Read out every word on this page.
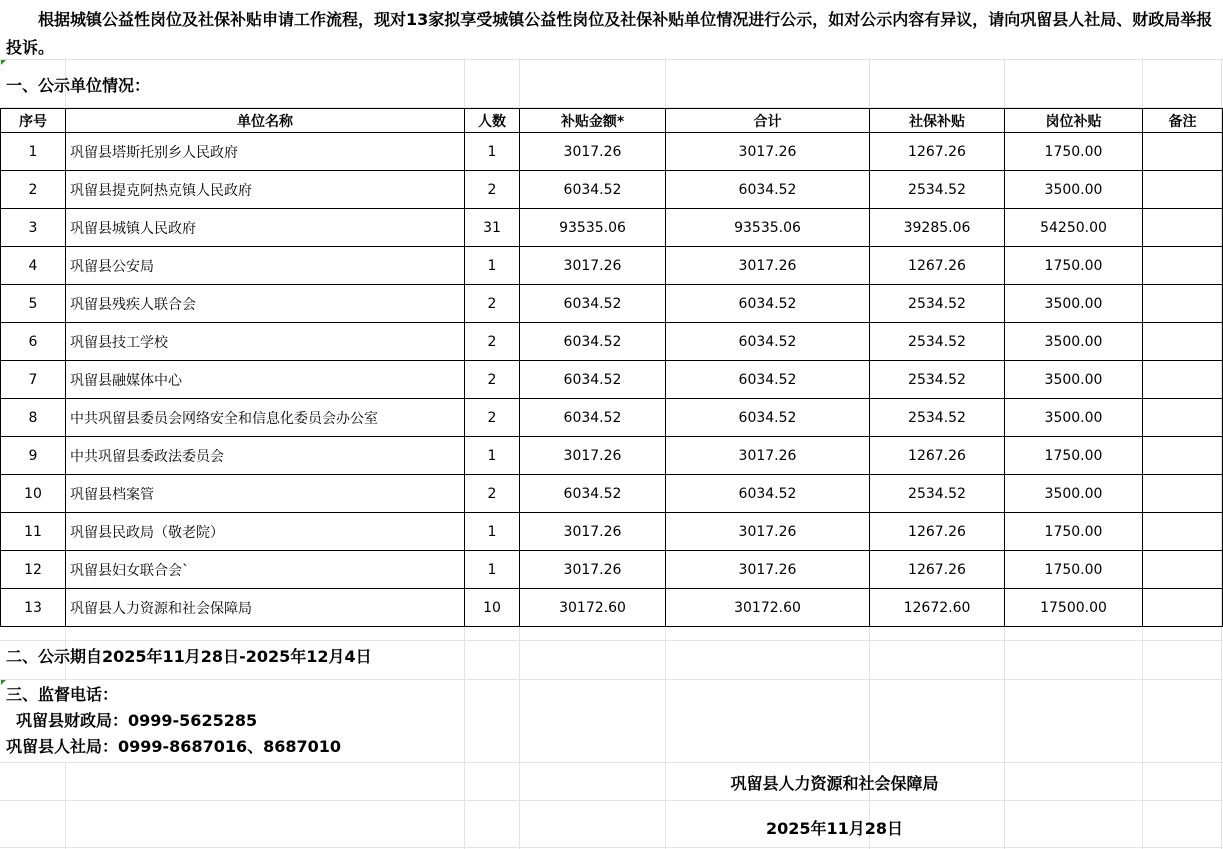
根据城镇公益性岗位及社保补贴申请工作流程，现对13家拟享受城镇公益性岗位及社保补贴单位情况进行公示，如对公示内容有异议，请向巩留县人社局、财政局举报投诉。

一、公示单位情况：
序号	单位名称	人数	补贴金额*	合计	社保补贴	岗位补贴	备注
1	巩留县塔斯托别乡人民政府	1	3017.26	3017.26	1267.26	1750.00	
2	巩留县提克阿热克镇人民政府	2	6034.52	6034.52	2534.52	3500.00	
3	巩留县城镇人民政府	31	93535.06	93535.06	39285.06	54250.00	
4	巩留县公安局	1	3017.26	3017.26	1267.26	1750.00	
5	巩留县残疾人联合会	2	6034.52	6034.52	2534.52	3500.00	
6	巩留县技工学校	2	6034.52	6034.52	2534.52	3500.00	
7	巩留县融媒体中心	2	6034.52	6034.52	2534.52	3500.00	
8	中共巩留县委员会网络安全和信息化委员会办公室	2	6034.52	6034.52	2534.52	3500.00	
9	中共巩留县委政法委员会	1	3017.26	3017.26	1267.26	1750.00	
10	巩留县档案管	2	6034.52	6034.52	2534.52	3500.00	
11	巩留县民政局（敬老院）	1	3017.26	3017.26	1267.26	1750.00	
12	巩留县妇女联合会`	1	3017.26	3017.26	1267.26	1750.00	
13	巩留县人力资源和社会保障局	10	30172.60	30172.60	12672.60	17500.00	
二、公示期自2025年11月28日-2025年12月4日
三、监督电话：
巩留县财政局：0999-5625285
巩留县人社局：0999-8687016、8687010
巩留县人力资源和社会保障局
2025年11月28日
